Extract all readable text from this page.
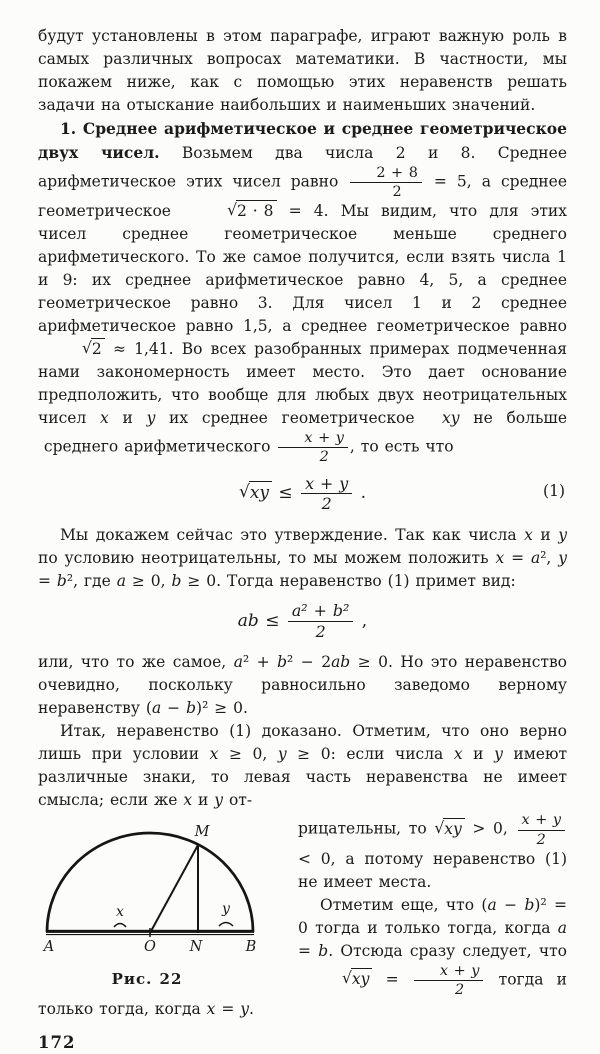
будут установлены в этом параграфе, играют важную роль в самых различных вопросах математики. В частности, мы покажем ниже, как с помощью этих неравенств решать задачи на отыскание наибольших и наименьших значений.

1. Среднее арифметическое и среднее геометрическое двух чисел. Возьмем два числа 2 и 8. Среднее арифметическое этих чисел равно $\frac{2 + 8}{2} = 5$, а среднее геометрическое	√2 · 8 = 4. Мы видим, что для этих чисел среднее геометрическое меньше среднего арифметического. То же самое получится, если взять числа 1 и 9: их среднее арифметическое равно 4, 5, а среднее геометрическое равно 3. Для чисел 1 и 2 среднее арифметическое равно 1,5, а среднее геометрическое равно √2 ≈ 1,41. Во всех разобранных примерах подмеченная нами закономерность имеет место. Это дает основание предположить, что вообще для любых двух неотрицательных чисел x и y их среднее геометрическое  xy не больше  среднего арифметического $\frac{x + y}{2}$ , то есть что

$√xy \le \frac{x + y}{2}$ .	(1)

Мы докажем сейчас это утверждение. Так как числа x и y по условию неотрицательны, то мы можем положить x = a², y = b², где a ≥ 0, b ≥ 0. Тогда неравенство (1) примет вид:

ab ≤ $\frac{\text{a² + b²}}{2}$ ,

или, что то же самое, a² + b² − 2ab ≥ 0. Но это неравенство очевидно, поскольку равносильно заведомо верному неравенству (a − b)² ≥ 0.

Итак, неравенство (1) доказано. Отметим, что оно верно лишь при условии x ≥ 0, y ≥ 0: если числа x и y имеют различные знаки, то левая часть неравенства не имеет смысла; если же x и y от-

M
x	y
A	O N	B
Рис. 22

рицательны, то √xy > 0, $\frac{x + y}{2}$
< 0, а потому неравенство (1) не имеет места.

Отметим еще, что (a − b)² = 0 тогда и только тогда, когда a = b. Отсюда сразу следует, что $√xy = \frac{x + y}{2}$ тогда и только тогда, когда x = y.

172
